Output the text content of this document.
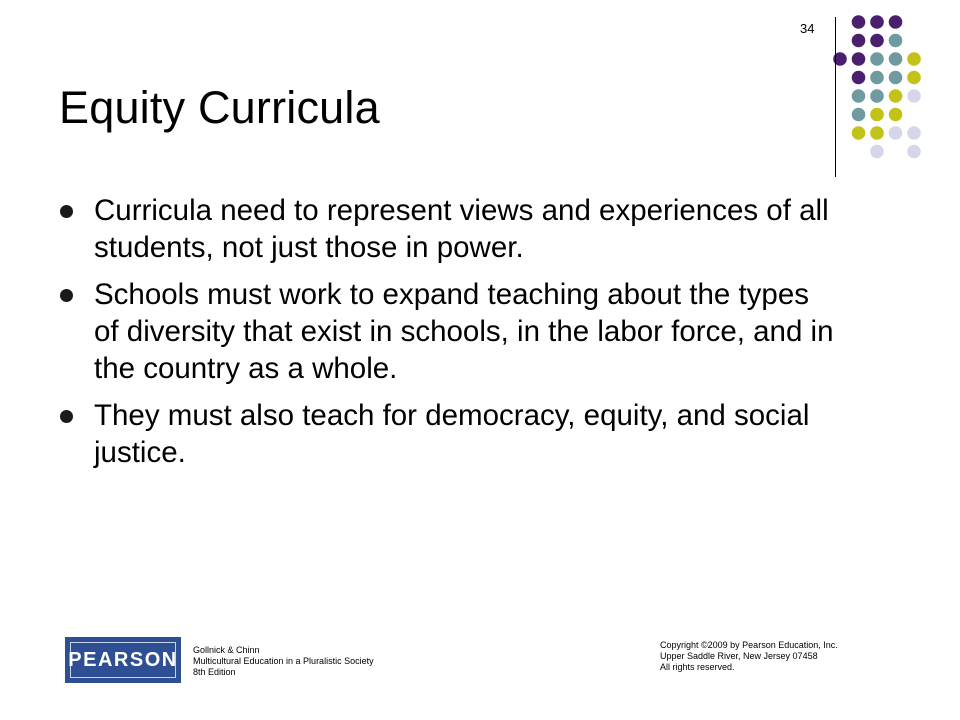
34
Equity Curricula
Curricula need to represent views and experiences of all students, not just those in power.
Schools must work to expand teaching about the types of diversity that exist in schools, in the labor force, and in the country as a whole.
They must also teach for democracy, equity, and social justice.
PEARSON Gollnick & Chinn
Multicultural Education in a Pluralistic Society
8th Edition
Copyright ©2009 by Pearson Education, Inc.
Upper Saddle River, New Jersey 07458
All rights reserved.
